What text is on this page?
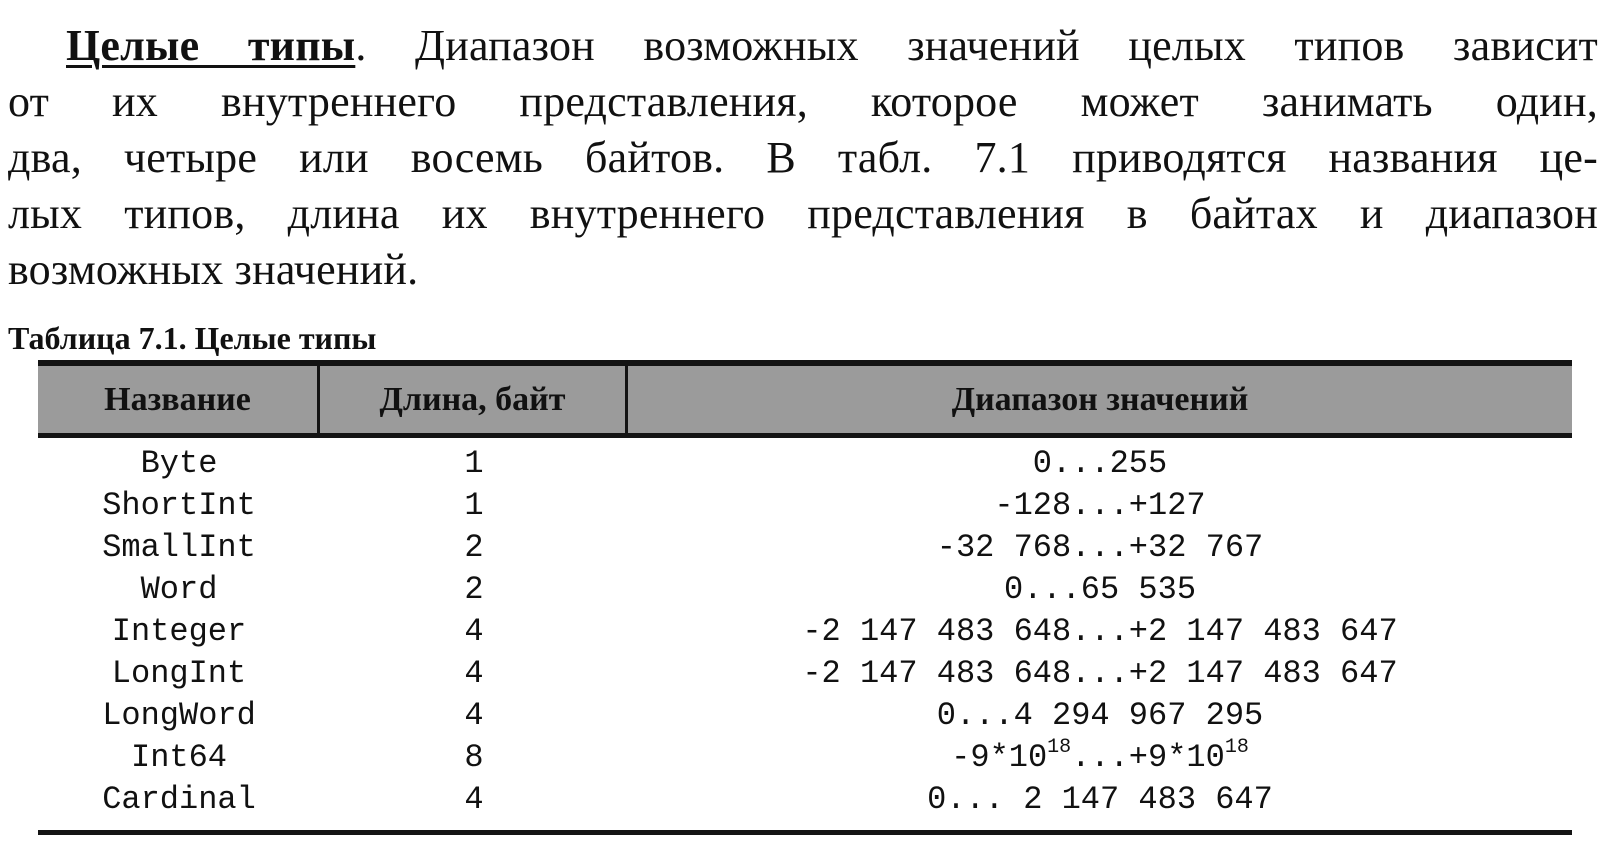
Целые типы. Диапазон возможных значений целых типов зависит
от их внутреннего представления, которое может занимать один,
два, четыре или восемь байтов. В табл. 7.1 приводятся названия це-
лых типов, длина их внутреннего представления в байтах и диапазон
возможных значений.
Таблица 7.1. Целые типы
Название	Длина, байт	Диапазон значений
Byte	1	0...255
ShortInt	1	-128...+127
SmallInt	2	-32 768...+32 767
Word	2	0...65 535
Integer	4	-2 147 483 648...+2 147 483 647
LongInt	4	-2 147 483 648...+2 147 483 647
LongWord	4	0...4 294 967 295
Int64	8	$-9*10^{18}...+9*10^{18}$
Cardinal	4	0... 2 147 483 647
